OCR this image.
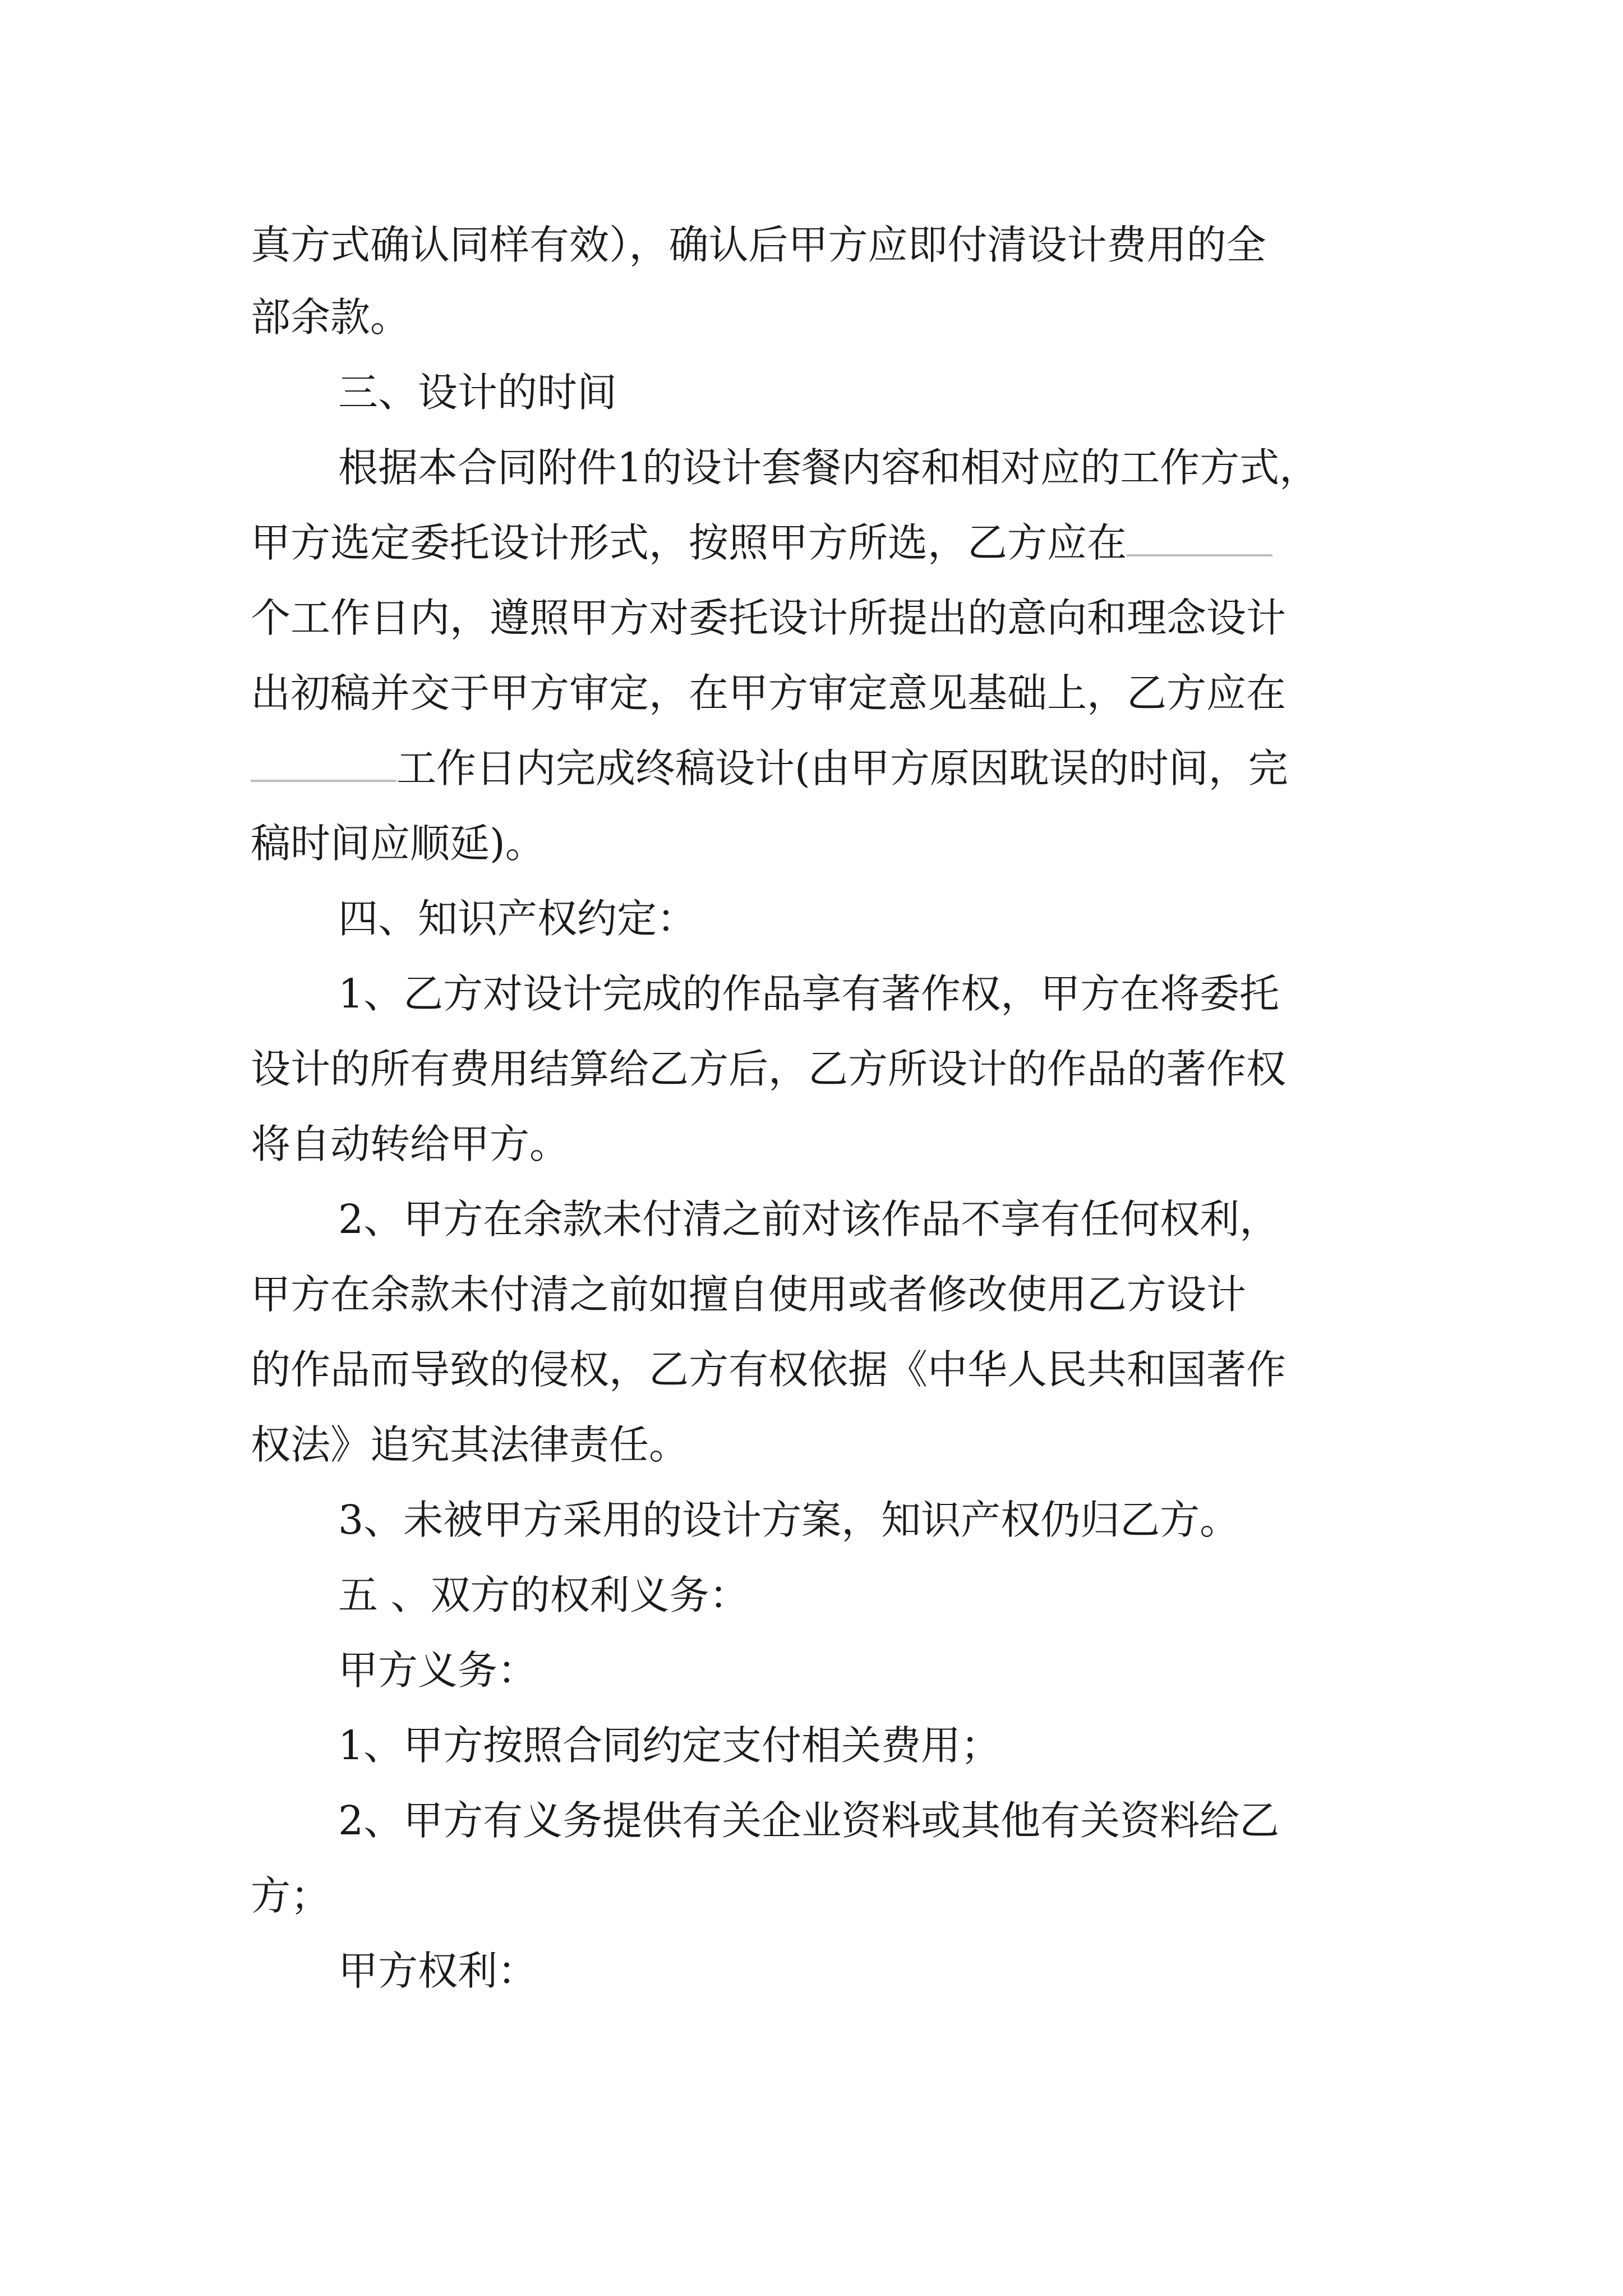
真方式确认同样有效），确认后甲方应即付清设计费用的全
部余款。
三、设计的时间
根据本合同附件1的设计套餐内容和相对应的工作方式，
甲方选定委托设计形式，按照甲方所选，乙方应在
个工作日内，遵照甲方对委托设计所提出的意向和理念设计
出初稿并交于甲方审定，在甲方审定意见基础上，乙方应在
工作日内完成终稿设计(由甲方原因耽误的时间，完
稿时间应顺延)。
四、知识产权约定：
1、乙方对设计完成的作品享有著作权，甲方在将委托
设计的所有费用结算给乙方后，乙方所设计的作品的著作权
将自动转给甲方。
2、甲方在余款未付清之前对该作品不享有任何权利，
甲方在余款未付清之前如擅自使用或者修改使用乙方设计
的作品而导致的侵权，乙方有权依据《中华人民共和国著作
权法》追究其法律责任。
3、未被甲方采用的设计方案，知识产权仍归乙方。
五 、双方的权利义务：
甲方义务：
1、甲方按照合同约定支付相关费用；
2、甲方有义务提供有关企业资料或其他有关资料给乙
方；
甲方权利：
